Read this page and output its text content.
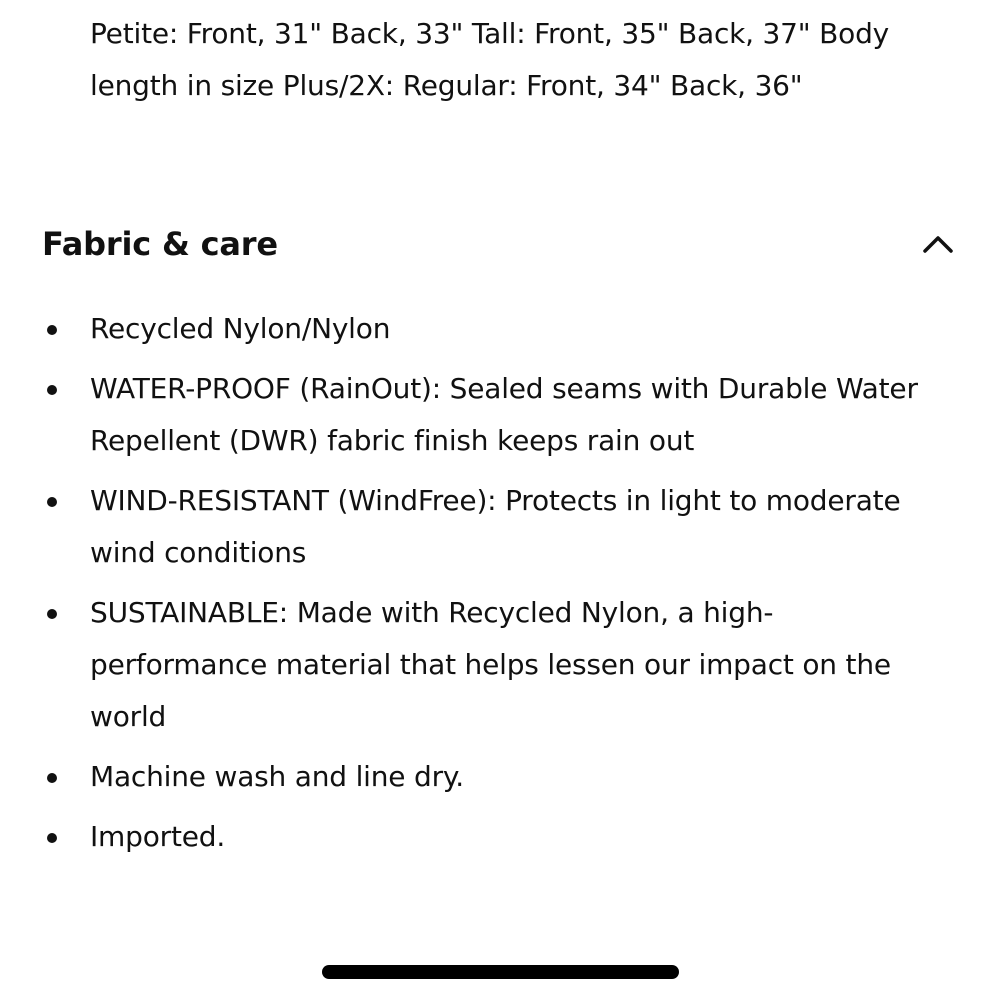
Petite: Front, 31" Back, 33" Tall: Front, 35" Back, 37" Body length in size Plus/2X: Regular: Front, 34" Back, 36"
Fabric & care
Recycled Nylon/Nylon
WATER-PROOF (RainOut): Sealed seams with Durable Water Repellent (DWR) fabric finish keeps rain out
WIND-RESISTANT (WindFree): Protects in light to moderate wind conditions
SUSTAINABLE: Made with Recycled Nylon, a high-performance material that helps lessen our impact on the world
Machine wash and line dry.
Imported.
